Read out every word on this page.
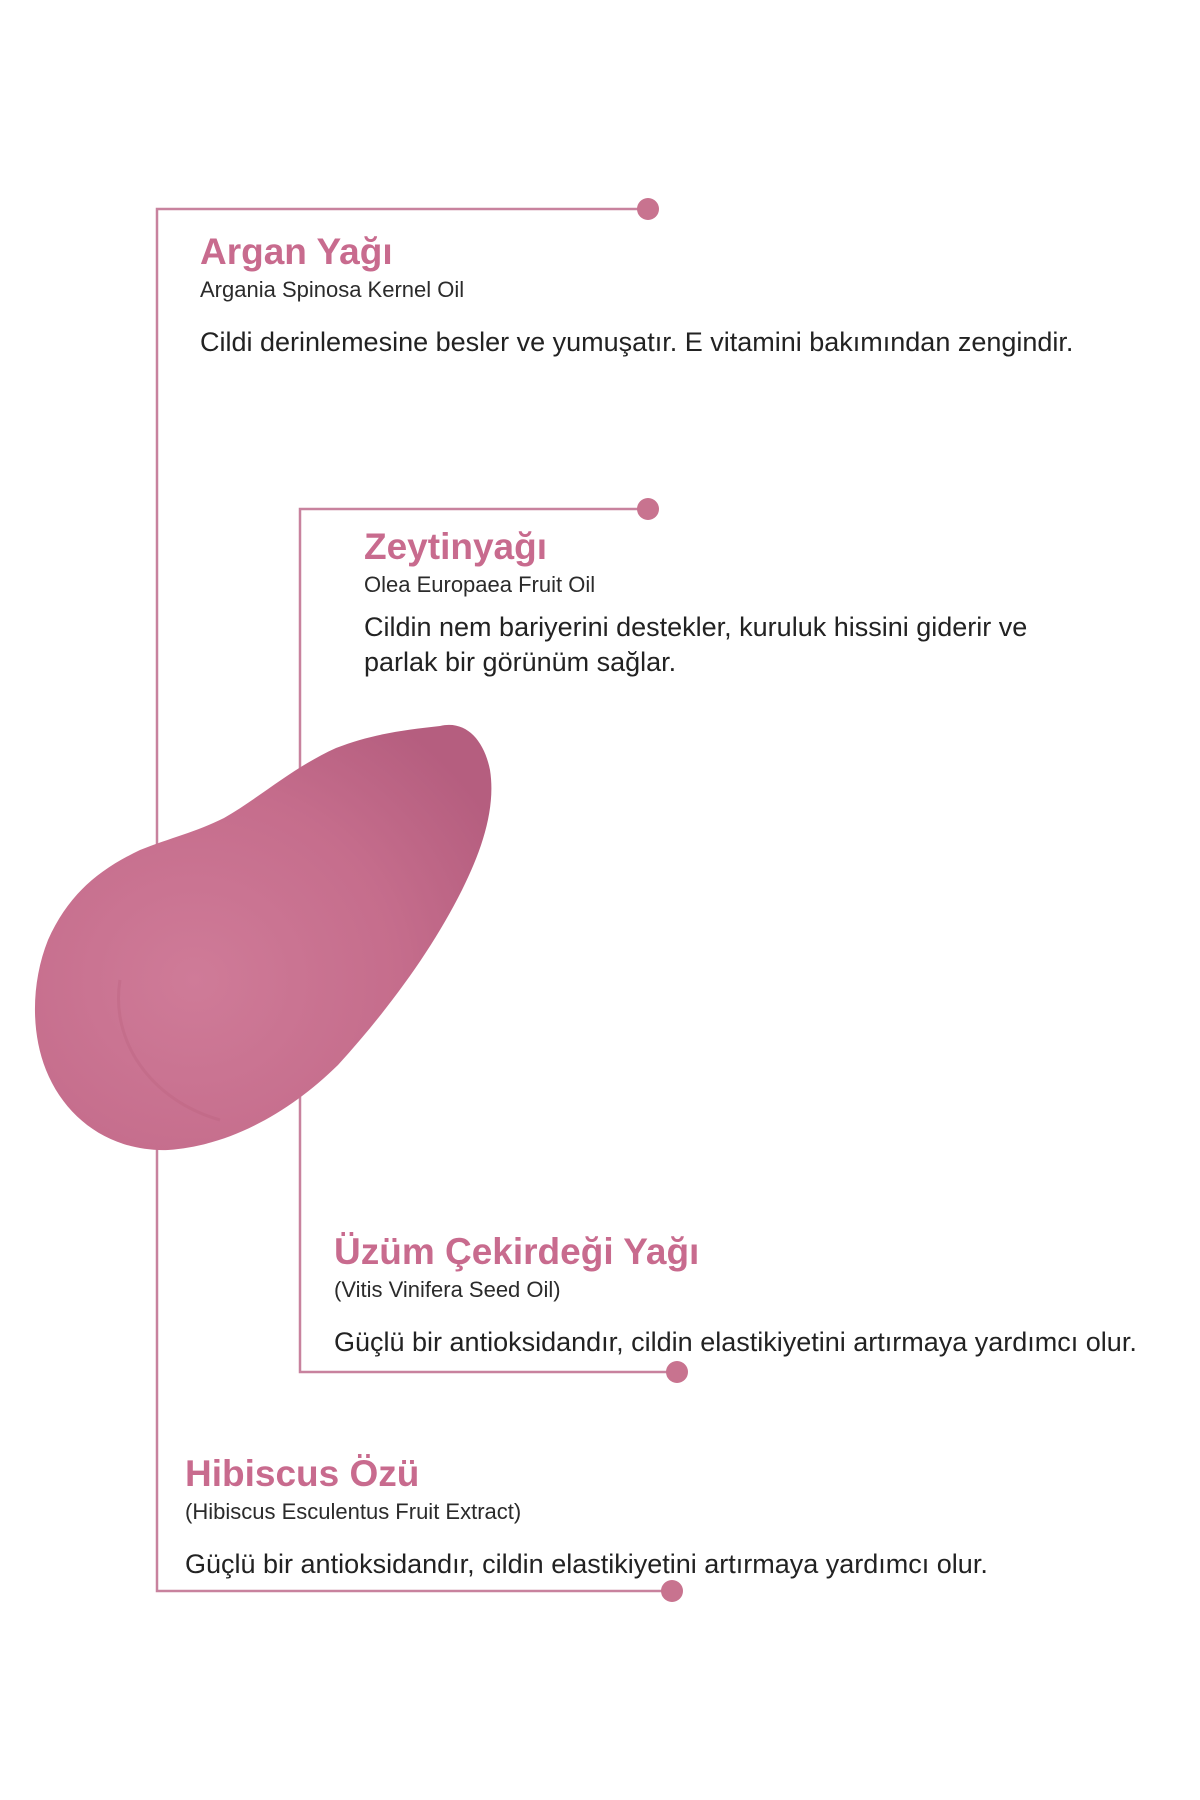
Argan Yağı
Argania Spinosa Kernel Oil
Cildi derinlemesine besler ve yumuşatır. E vitamini bakımından zengindir.
Zeytinyağı
Olea Europaea Fruit Oil
Cildin nem bariyerini destekler, kuruluk hissini giderir ve parlak bir görünüm sağlar.
Üzüm Çekirdeği Yağı
(Vitis Vinifera Seed Oil)
Güçlü bir antioksidandır, cildin elastikiyetini artırmaya yardımcı olur.
Hibiscus Özü
(Hibiscus Esculentus Fruit Extract)
Güçlü bir antioksidandır, cildin elastikiyetini artırmaya yardımcı olur.
